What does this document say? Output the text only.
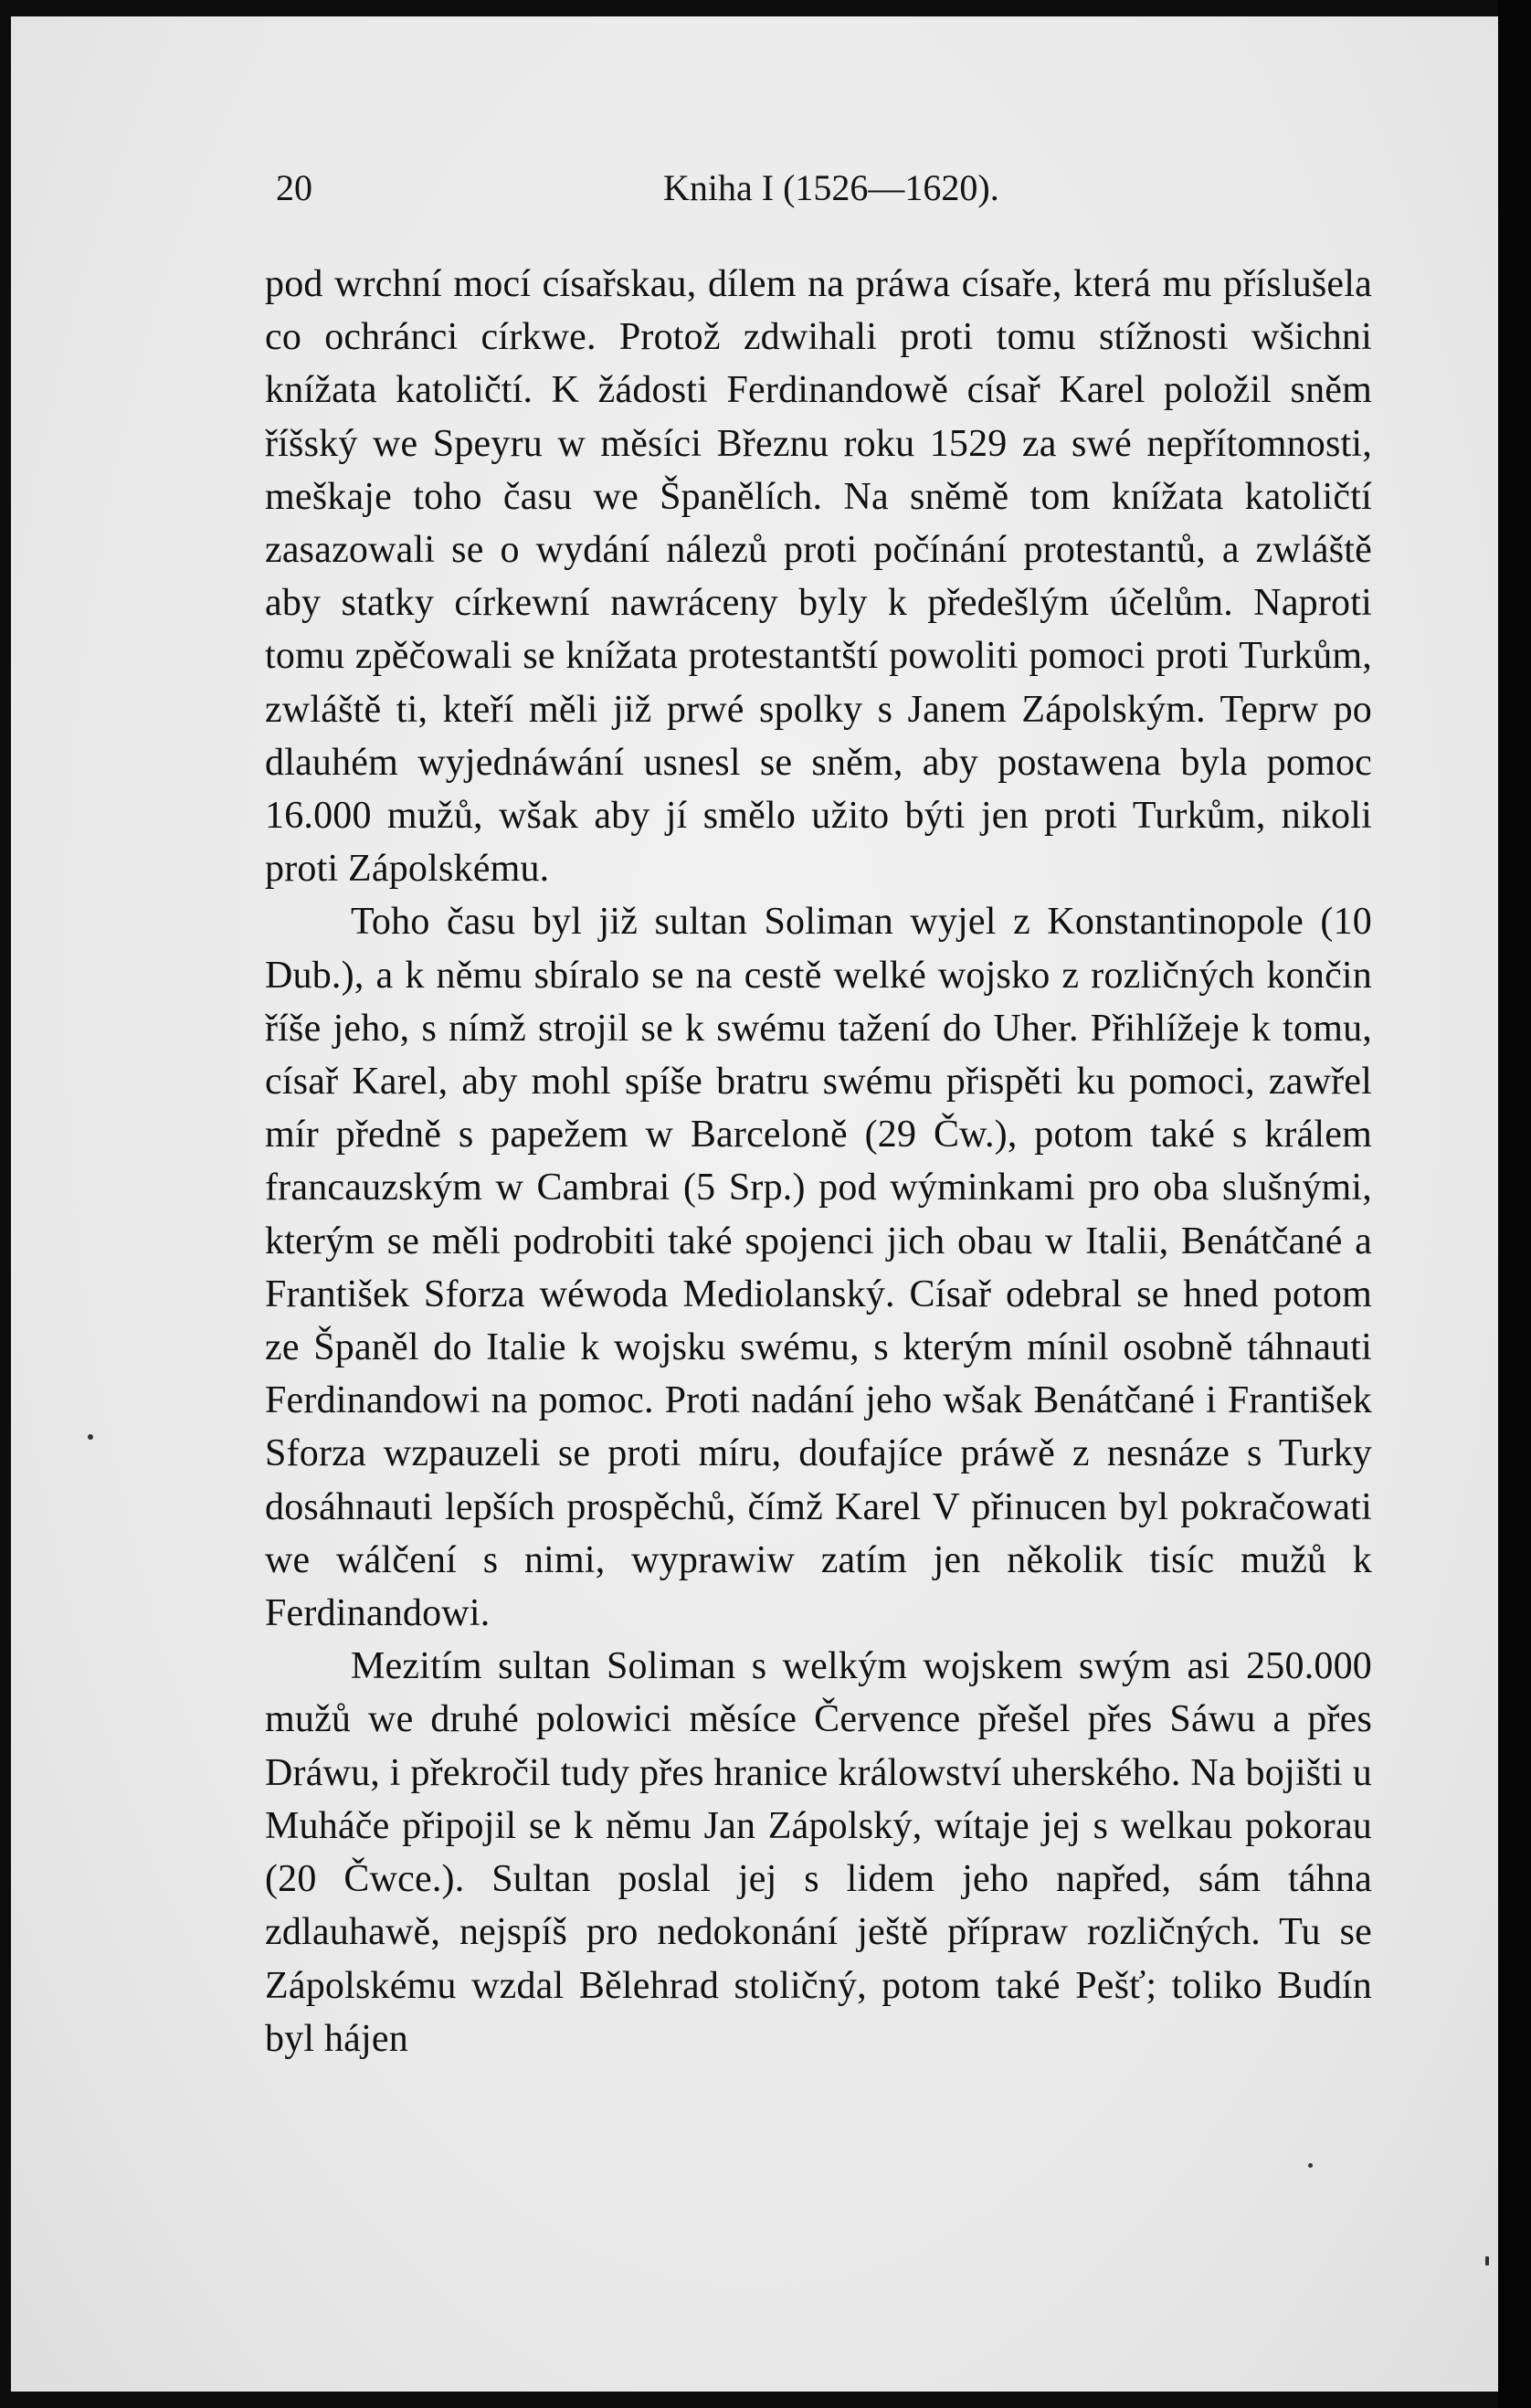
20	Kniha I (1526—1620).

pod wrchní mocí císařskau, dílem na práwa císaře, která mu příslušela co ochránci církwe. Protož zdwihali proti tomu stížnosti wšichni knížata katoličtí. K žádosti Ferdinandowě císař Karel položil sněm říšský we Speyru w měsíci Březnu roku 1529 za swé nepřítomnosti, meškaje toho času we Španělích. Na sněmě tom knížata katoličtí zasazowali se o wydání nálezů proti počínání protestantů, a zwláště aby statky církewní nawráceny byly k předešlým účelům. Naproti tomu zpěčowali se knížata protestantští powoliti pomoci proti Turkům, zwláště ti, kteří měli již prwé spolky s Janem Zápolským. Teprw po dlauhém wyjednáwání usnesl se sněm, aby postawena byla pomoc 16.000 mužů, wšak aby jí smělo užito býti jen proti Turkům, nikoli proti Zápolskému.

Toho času byl již sultan Soliman wyjel z Konstantinopole (10 Dub.), a k němu sbíralo se na cestě welké wojsko z rozličných končin říše jeho, s nímž strojil se k swému tažení do Uher. Přihlížeje k tomu, císař Karel, aby mohl spíše bratru swému přispěti ku pomoci, zawřel mír předně s papežem w Barceloně (29 Čw.), potom také s králem francauzským w Cambrai (5 Srp.) pod wýminkami pro oba slušnými, kterým se měli podrobiti také spojenci jich obau w Italii, Benátčané a František Sforza wéwoda Mediolanský. Císař odebral se hned potom ze Španěl do Italie k wojsku swému, s kterým mínil osobně táhnauti Ferdinandowi na pomoc. Proti nadání jeho wšak Benátčané i František Sforza wzpauzeli se proti míru, doufajíce práwě z nesnáze s Turky dosáhnauti lepších prospěchů, čímž Karel V přinucen byl pokračowati we wálčení s nimi, wyprawiw zatím jen několik tisíc mužů k Ferdinandowi.

Mezitím sultan Soliman s welkým wojskem swým asi 250.000 mužů we druhé polowici měsíce Července přešel přes Sáwu a přes Dráwu, i překročil tudy přes hranice králowství uherského. Na bojišti u Muháče připojil se k němu Jan Zápolský, wítaje jej s welkau pokorau (20 Čwce.). Sultan poslal jej s lidem jeho napřed, sám táhna zdlauhawě, nejspíš pro nedokonání ještě přípraw rozličných. Tu se Zápolskému wzdal Bělehrad stoličný, potom také Pešť; toliko Budín byl hájen
